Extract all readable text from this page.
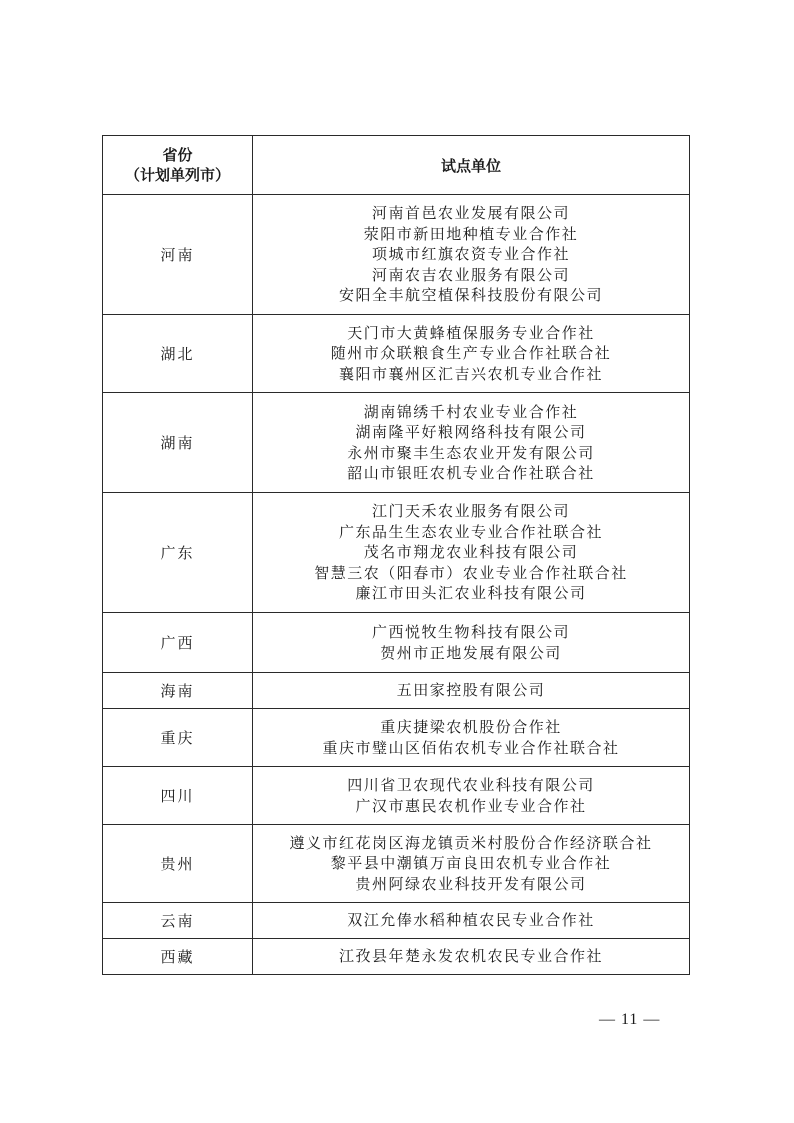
省份
（计划单列市）	试点单位
河南	河南首邑农业发展有限公司
荥阳市新田地种植专业合作社
项城市红旗农资专业合作社
河南农吉农业服务有限公司
安阳全丰航空植保科技股份有限公司

湖北	天门市大黄蜂植保服务专业合作社
随州市众联粮食生产专业合作社联合社
襄阳市襄州区汇吉兴农机专业合作社

湖南	湖南锦绣千村农业专业合作社
湖南隆平好粮网络科技有限公司
永州市聚丰生态农业开发有限公司
韶山市银旺农机专业合作社联合社

广东	江门天禾农业服务有限公司
广东品生生态农业专业合作社联合社
茂名市翔龙农业科技有限公司
智慧三农（阳春市）农业专业合作社联合社
廉江市田头汇农业科技有限公司

广西	广西悦牧生物科技有限公司
贺州市正地发展有限公司

海南	五田家控股有限公司

重庆	重庆捷梁农机股份合作社
重庆市璧山区佰佑农机专业合作社联合社

四川	四川省卫农现代农业科技有限公司
广汉市惠民农机作业专业合作社

贵州	遵义市红花岗区海龙镇贡米村股份合作经济联合社
黎平县中潮镇万亩良田农机专业合作社
贵州阿绿农业科技开发有限公司

云南	双江允俸水稻种植农民专业合作社

西藏	江孜县年楚永发农机农民专业合作社
— 11 —
